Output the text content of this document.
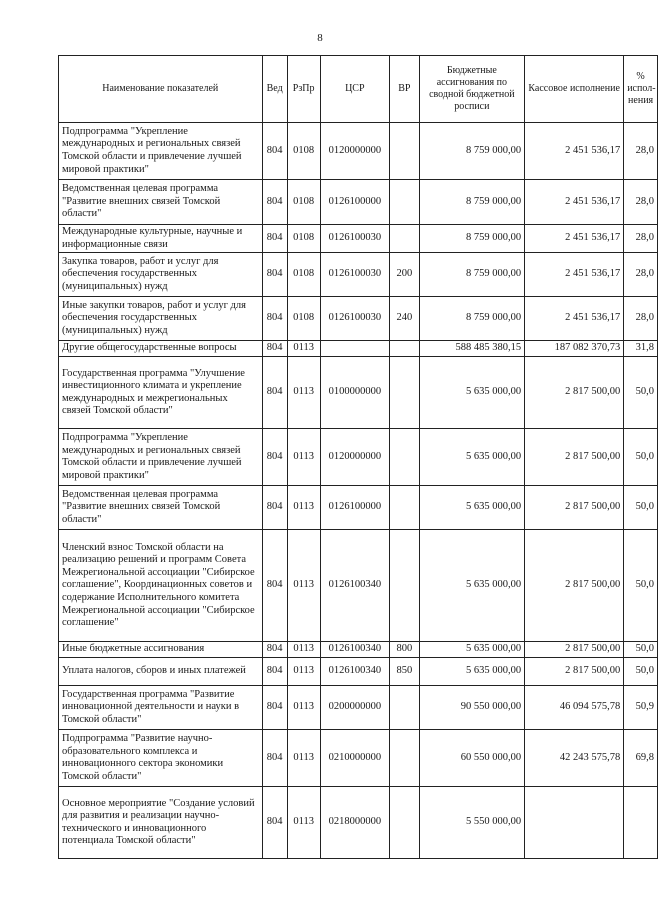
8
Наименование показателей	Вед	РзПр	ЦСР	ВР	Бюджетные ассигнования по сводной бюджетной росписи	Кассовое исполнение	% испол-нения
Подпрограмма "Укрепление международных и региональных связей Томской области и привлечение лучшей мировой практики"	804	0108	0120000000		8 759 000,00	2 451 536,17	28,0
Ведомственная целевая программа "Развитие внешних связей Томской области"	804	0108	0126100000		8 759 000,00	2 451 536,17	28,0
Международные культурные, научные и информационные связи	804	0108	0126100030		8 759 000,00	2 451 536,17	28,0
Закупка товаров, работ и услуг для обеспечения государственных (муниципальных) нужд	804	0108	0126100030	200	8 759 000,00	2 451 536,17	28,0
Иные закупки товаров, работ и услуг для обеспечения государственных (муниципальных) нужд	804	0108	0126100030	240	8 759 000,00	2 451 536,17	28,0
Другие общегосударственные вопросы	804	0113			588 485 380,15	187 082 370,73	31,8
Государственная программа "Улучшение инвестиционного климата и укрепление международных и межрегиональных связей Томской области"	804	0113	0100000000		5 635 000,00	2 817 500,00	50,0
Подпрограмма "Укрепление международных и региональных связей Томской области и привлечение лучшей мировой практики"	804	0113	0120000000		5 635 000,00	2 817 500,00	50,0
Ведомственная целевая программа "Развитие внешних связей Томской области"	804	0113	0126100000		5 635 000,00	2 817 500,00	50,0
Членский взнос Томской области на реализацию решений и программ Совета Межрегиональной ассоциации "Сибирское соглашение", Координационных советов и содержание Исполнительного комитета Межрегиональной ассоциации "Сибирское соглашение"	804	0113	0126100340		5 635 000,00	2 817 500,00	50,0
Иные бюджетные ассигнования	804	0113	0126100340	800	5 635 000,00	2 817 500,00	50,0
Уплата налогов, сборов и иных платежей	804	0113	0126100340	850	5 635 000,00	2 817 500,00	50,0
Государственная программа "Развитие инновационной деятельности и науки в Томской области"	804	0113	0200000000		90 550 000,00	46 094 575,78	50,9
Подпрограмма "Развитие научно-образовательного комплекса и инновационного сектора экономики Томской области"	804	0113	0210000000		60 550 000,00	42 243 575,78	69,8
Основное мероприятие "Создание условий для развития и реализации научно-технического и инновационного потенциала Томской области"	804	0113	0218000000		5 550 000,00		
